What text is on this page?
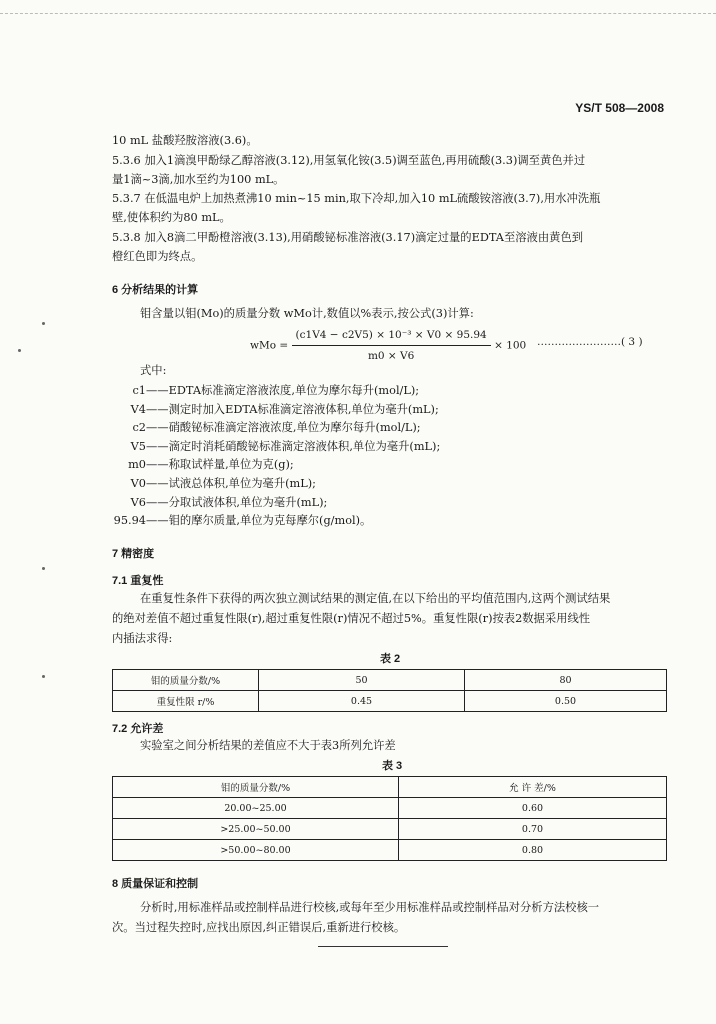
YS/T 508—2008
10 mL 盐酸羟胺溶液(3.6)。
5.3.6 加入1滴溴甲酚绿乙醇溶液(3.12),用氢氧化铵(3.5)调至蓝色,再用硫酸(3.3)调至黄色并过
量1滴~3滴,加水至约为100 mL。
5.3.7 在低温电炉上加热煮沸10 min~15 min,取下冷却,加入10 mL硫酸铵溶液(3.7),用水冲洗瓶
壁,使体积约为80 mL。
5.3.8 加入8滴二甲酚橙溶液(3.13),用硝酸铋标准溶液(3.17)滴定过量的EDTA至溶液由黄色到
橙红色即为终点。
6 分析结果的计算
钼含量以钼(Mo)的质量分数 wMo计,数值以%表示,按公式(3)计算:
wMo = $\frac{\text{(c1V4 − c2V5) × 10⁻³ × V0 × 95.94}}{m0 \times V6} \times 100$ ……………………( 3 )
式中:
c1——EDTA标准滴定溶液浓度,单位为摩尔每升(mol/L);
V4——测定时加入EDTA标准滴定溶液体积,单位为毫升(mL);
c2——硝酸铋标准滴定溶液浓度,单位为摩尔每升(mol/L);
V5——滴定时消耗硝酸铋标准滴定溶液体积,单位为毫升(mL);
m0——称取试样量,单位为克(g);
V0——试液总体积,单位为毫升(mL);
V6——分取试液体积,单位为毫升(mL);
95.94——钼的摩尔质量,单位为克每摩尔(g/mol)。
7 精密度
7.1 重复性
在重复性条件下获得的两次独立测试结果的测定值,在以下给出的平均值范围内,这两个测试结果
的绝对差值不超过重复性限(r),超过重复性限(r)情况不超过5%。重复性限(r)按表2数据采用线性
内插法求得:
表 2
钼的质量分数/%	50	80
重复性限 r/%	0.45	0.50
7.2 允许差
实验室之间分析结果的差值应不大于表3所列允许差
表 3
钼的质量分数/%	允 许 差/%
20.00~25.00	0.60
>25.00~50.00	0.70
>50.00~80.00	0.80
8 质量保证和控制
分析时,用标准样品或控制样品进行校核,或每年至少用标准样品或控制样品对分析方法校核一
次。当过程失控时,应找出原因,纠正错误后,重新进行校核。
